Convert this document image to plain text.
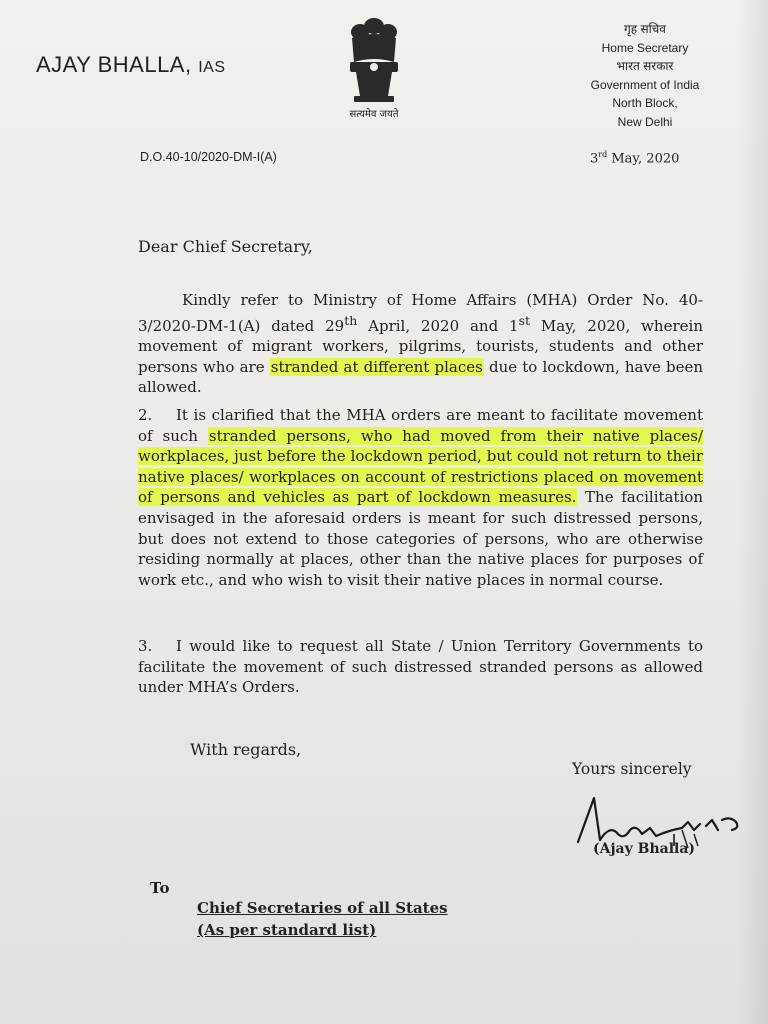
AJAY BHALLA, IAS
सत्यमेव जयते
गृह सचिव
Home Secretary
भारत सरकार
Government of India
North Block,
New Delhi
D.O.40-10/2020-DM-I(A)	3rd May, 2020
Dear Chief Secretary,
Kindly refer to Ministry of Home Affairs (MHA) Order No. 40-3/2020-DM-1(A) dated 29th April, 2020 and 1st May, 2020, wherein movement of migrant workers, pilgrims, tourists, students and other persons who are stranded at different places due to lockdown, have been allowed.
2. It is clarified that the MHA orders are meant to facilitate movement of such stranded persons, who had moved from their native places/ workplaces, just before the lockdown period, but could not return to their native places/ workplaces on account of restrictions placed on movement of persons and vehicles as part of lockdown measures. The facilitation envisaged in the aforesaid orders is meant for such distressed persons, but does not extend to those categories of persons, who are otherwise residing normally at places, other than the native places for purposes of work etc., and who wish to visit their native places in normal course.
3. I would like to request all State / Union Territory Governments to facilitate the movement of such distressed stranded persons as allowed under MHA’s Orders.
With regards,
Yours sincerely
(Ajay Bhalla)
To
Chief Secretaries of all States
(As per standard list)
